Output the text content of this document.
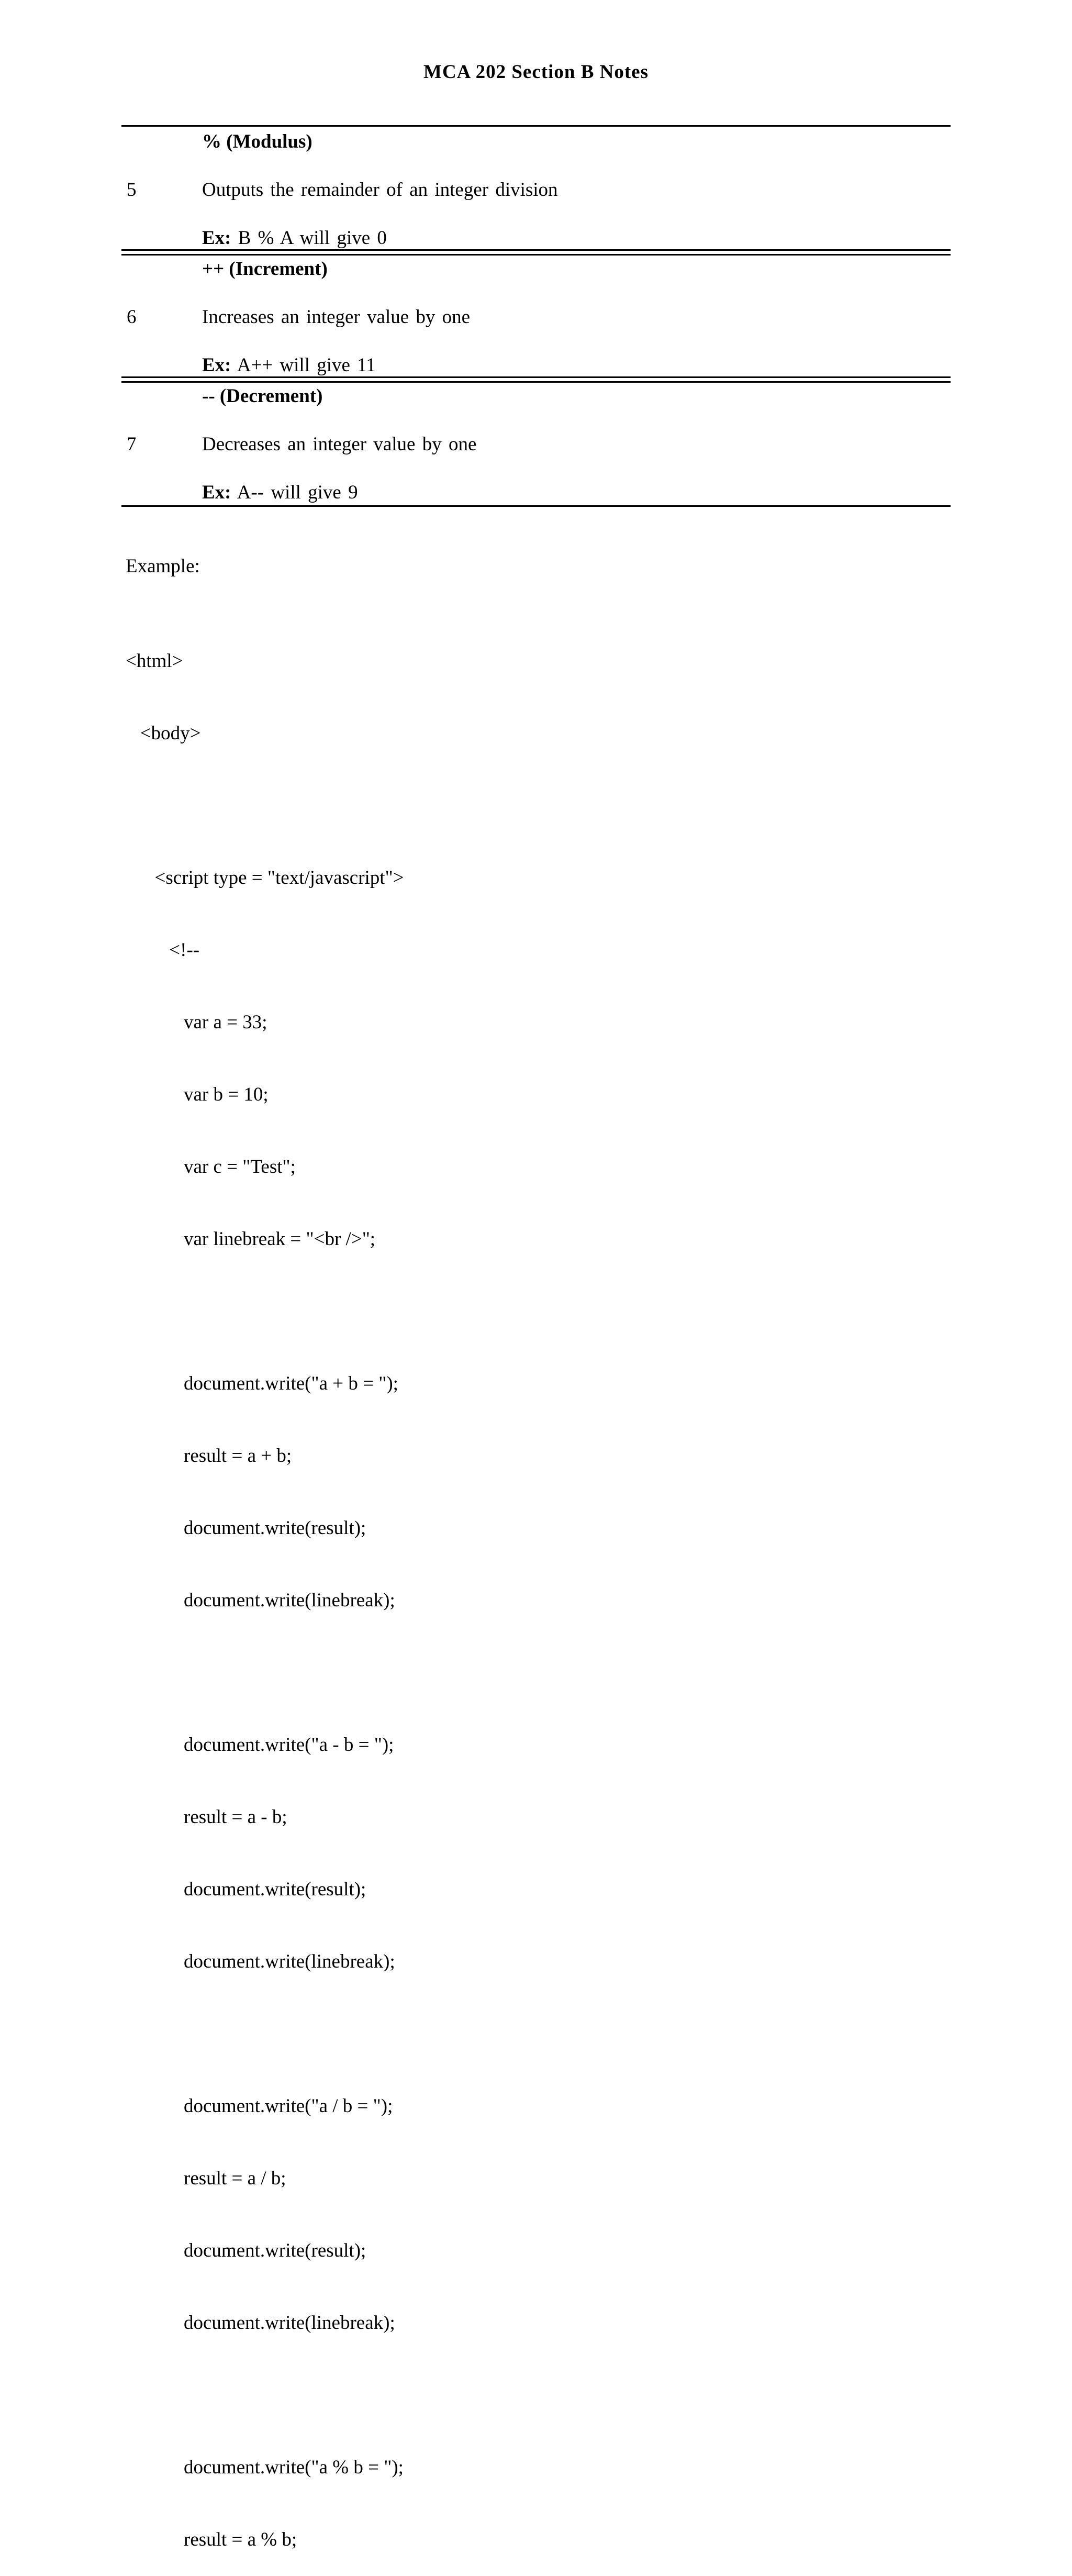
MCA 202 Section B Notes
5
% (Modulus)
Outputs the remainder of an integer division
Ex: B % A will give 0
6
++ (Increment)
Increases an integer value by one
Ex: A++ will give 11
7
-- (Decrement)
Decreases an integer value by one
Ex: A-- will give 9
Example:

<html>

<body>

<script type = "text/javascript">

<!--

var a = 33;

var b = 10;

var c = "Test";

var linebreak = "<br />";

document.write("a + b = ");

result = a + b;

document.write(result);

document.write(linebreak);

document.write("a - b = ");

result = a - b;

document.write(result);

document.write(linebreak);

document.write("a / b = ");

result = a / b;

document.write(result);

document.write(linebreak);

document.write("a % b = ");

result = a % b;
